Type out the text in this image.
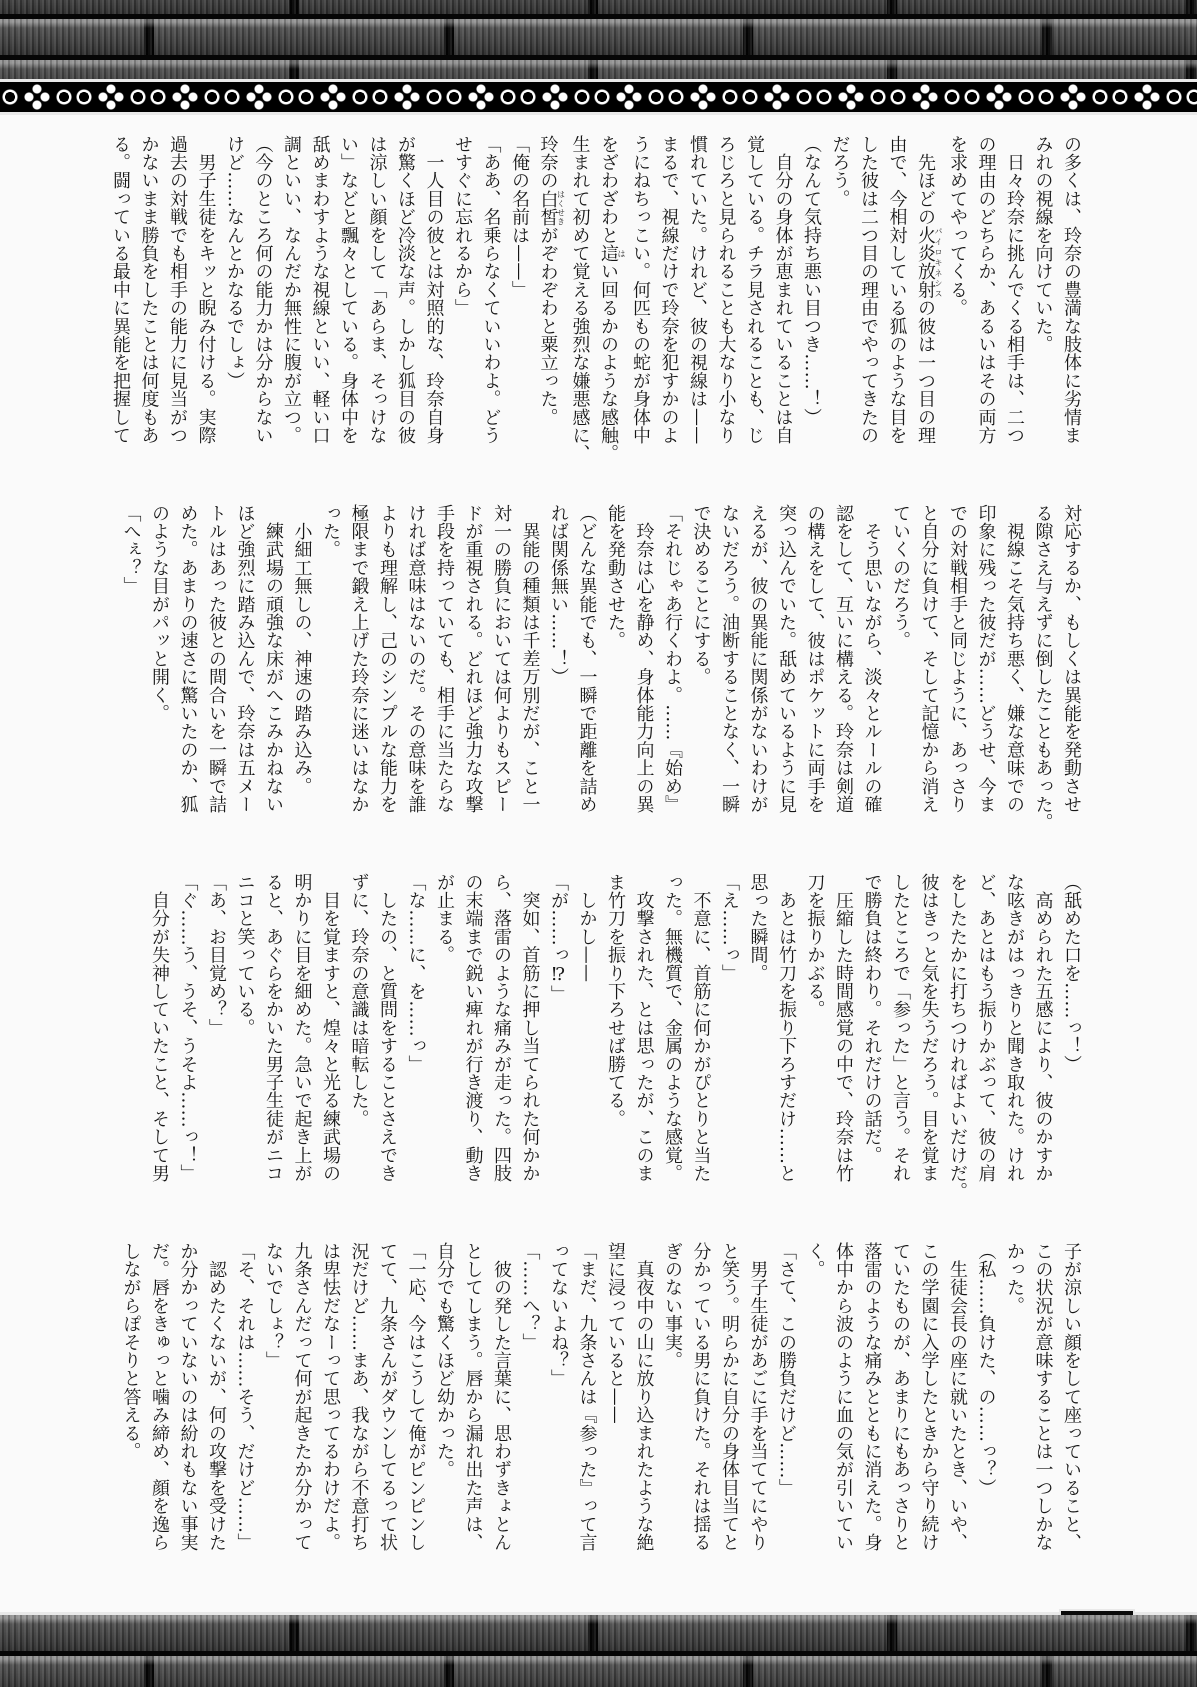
の多くは、玲奈の豊満な肢体に劣情ま

みれの視線を向けていた。

　日々玲奈に挑んでくる相手は、二つ

の理由のどちらか、あるいはその両方

を求めてやってくる。

　先ほどの火炎放射パイロキネシスの彼は一つ目の理

由で、今相対している狐のような目を

した彼は二つ目の理由でやってきたの

だろう。

（なんて気持ち悪い目つき……！）

　自分の身体が恵まれていることは自

覚している。チラ見されることも、じ

ろじろと見られることも大なり小なり

慣れていた。けれど、彼の視線は——

まるで、視線だけで玲奈を犯すかのよ

うにねちっこい。何匹もの蛇が身体中

をざわざわと這はい回るかのような感触。

生まれて初めて覚える強烈な嫌悪感に、

玲奈の白皙はくせきがぞわぞわと粟立った。

「俺の名前は——」

「ああ、名乗らなくていいわよ。どう

せすぐに忘れるから」

　一人目の彼とは対照的な、玲奈自身

が驚くほど冷淡な声。しかし狐目の彼

は涼しい顔をして「あらま、そっけな

い」などと飄々としている。身体中を

舐めまわすような視線といい、軽い口

調といい、なんだか無性に腹が立つ。

（今のところ何の能力かは分からない

けど……なんとかなるでしょ）

　男子生徒をキッと睨み付ける。実際

過去の対戦でも相手の能力に見当がつ

かないまま勝負をしたことは何度もあ

る。闘っている最中に異能を把握して

対応するか、もしくは異能を発動させ

る隙さえ与えずに倒したこともあった。

　視線こそ気持ち悪く、嫌な意味での

印象に残った彼だが……どうせ、今ま

での対戦相手と同じように、あっさり

と自分に負けて、そして記憶から消え

ていくのだろう。

　そう思いながら、淡々とルールの確

認をして、互いに構える。玲奈は剣道

の構えをして、彼はポケットに両手を

突っ込んでいた。舐めているように見

えるが、彼の異能に関係がないわけが

ないだろう。油断することなく、一瞬

で決めることにする。

「それじゃあ行くわよ。……『始め』

　玲奈は心を静め、身体能力向上の異

能を発動させた。

（どんな異能でも、一瞬で距離を詰め

れば関係無い……！）

　異能の種類は千差万別だが、こと一

対一の勝負においては何よりもスピー

ドが重視される。どれほど強力な攻撃

手段を持っていても、相手に当たらな

ければ意味はないのだ。その意味を誰

よりも理解し、己のシンプルな能力を

極限まで鍛え上げた玲奈に迷いはなか

った。

　小細工無しの、神速の踏み込み。

　練武場の頑強な床がへこみかねない

ほど強烈に踏み込んで、玲奈は五メー

トルはあった彼との間合いを一瞬で詰

めた。あまりの速さに驚いたのか、狐

のような目がパッと開く。

「へぇ？」

（舐めた口を……っ！）

　高められた五感により、彼のかすか

な呟きがはっきりと聞き取れた。けれ

ど、あとはもう振りかぶって、彼の肩

をしたたかに打ちつければよいだけだ。

彼はきっと気を失うだろう。目を覚ま

したところで「参った」と言う。それ

で勝負は終わり。それだけの話だ。

　圧縮した時間感覚の中で、玲奈は竹

刀を振りかぶる。

　あとは竹刀を振り下ろすだけ……と

思った瞬間。

「え……っ」

　不意に、首筋に何かがぴとりと当た

った。無機質で、金属のような感覚。

　攻撃された、とは思ったが、このま

ま竹刀を振り下ろせば勝てる。

　しかし——

「が……っ⁉」

　突如、首筋に押し当てられた何かか

ら、落雷のような痛みが走った。四肢

の末端まで鋭い痺れが行き渡り、動き

が止まる。

「な……に、を……っ」

　したの、と質問をすることさえでき

ずに、玲奈の意識は暗転した。

　目を覚ますと、煌々と光る練武場の

明かりに目を細めた。急いで起き上が

ると、あぐらをかいた男子生徒がニコ

ニコと笑っている。

「あ、お目覚め？」

「ぐ……う、うそ、うそよ……っ！」

　自分が失神していたこと、そして男

子が涼しい顔をして座っていること、

この状況が意味することは一つしかな

かった。

（私……負けた、の……っ？）

　生徒会長の座に就いたとき、いや、

この学園に入学したときから守り続け

ていたものが、あまりにもあっさりと

落雷のような痛みとともに消えた。身

体中から波のように血の気が引いてい

く。

「さて、この勝負だけど……」

　男子生徒があごに手を当ててにやり

と笑う。明らかに自分の身体目当てと

分かっている男に負けた。それは揺る

ぎのない事実。

　真夜中の山に放り込まれたような絶

望に浸っていると——

「まだ、九条さんは『参った』って言

ってないよね？」

「……へ？」

　彼の発した言葉に、思わずきょとん

としてしまう。唇から漏れ出た声は、

自分でも驚くほど幼かった。

「一応、今はこうして俺がピンピンし

てて、九条さんがダウンしてるって状

況だけど……まあ、我ながら不意打ち

は卑怯だなーって思ってるわけだよ。

九条さんだって何が起きたか分かって

ないでしょ？」

「そ、それは……そう、だけど……」

　認めたくないが、何の攻撃を受けた

か分かっていないのは紛れもない事実

だ。唇をきゅっと噛み締め、顔を逸ら

しながらぽそりと答える。
